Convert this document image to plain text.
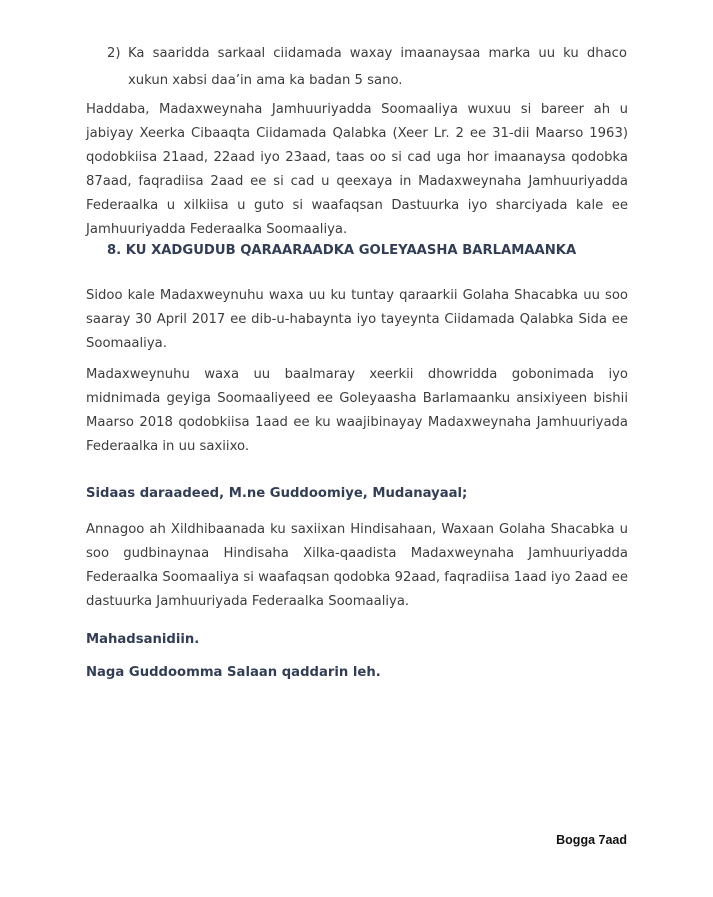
2) Ka saaridda sarkaal ciidamada waxay imaanaysaa marka uu ku dhaco xukun xabsi daa’in ama ka badan 5 sano.

Haddaba, Madaxweynaha Jamhuuriyadda Soomaaliya wuxuu si bareer ah u jabiyay Xeerka Cibaaqta Ciidamada Qalabka (Xeer Lr. 2 ee 31-dii Maarso 1963) qodobkiisa 21aad, 22aad iyo 23aad, taas oo si cad uga hor imaanaysa qodobka 87aad, faqradiisa 2aad ee si cad u qeexaya in Madaxweynaha Jamhuuriyadda Federaalka u xilkiisa u guto si waafaqsan Dastuurka iyo sharciyada kale ee Jamhuuriyadda Federaalka Soomaaliya.

8. KU XADGUDUB QARAARAADKA GOLEYAASHA BARLAMAANKA

Sidoo kale Madaxweynuhu waxa uu ku tuntay qaraarkii Golaha Shacabka uu soo saaray 30 April 2017 ee dib-u-habaynta iyo tayeynta Ciidamada Qalabka Sida ee Soomaaliya.

Madaxweynuhu waxa uu baalmaray xeerkii dhowridda gobonimada iyo midnimada geyiga Soomaaliyeed ee Goleyaasha Barlamaanku ansixiyeen bishii Maarso 2018 qodobkiisa 1aad ee ku waajibinayay Madaxweynaha Jamhuuriyada Federaalka in uu saxiixo.

Sidaas daraadeed, M.ne Guddoomiye, Mudanayaal;

Annagoo ah Xildhibaanada ku saxiixan Hindisahaan, Waxaan Golaha Shacabka u soo gudbinaynaa Hindisaha Xilka-qaadista Madaxweynaha Jamhuuriyadda Federaalka Soomaaliya si waafaqsan qodobka 92aad, faqradiisa 1aad iyo 2aad ee dastuurka Jamhuuriyada Federaalka Soomaaliya.

Mahadsanidiin.

Naga Guddoomma Salaan qaddarin leh.

Bogga 7aad
